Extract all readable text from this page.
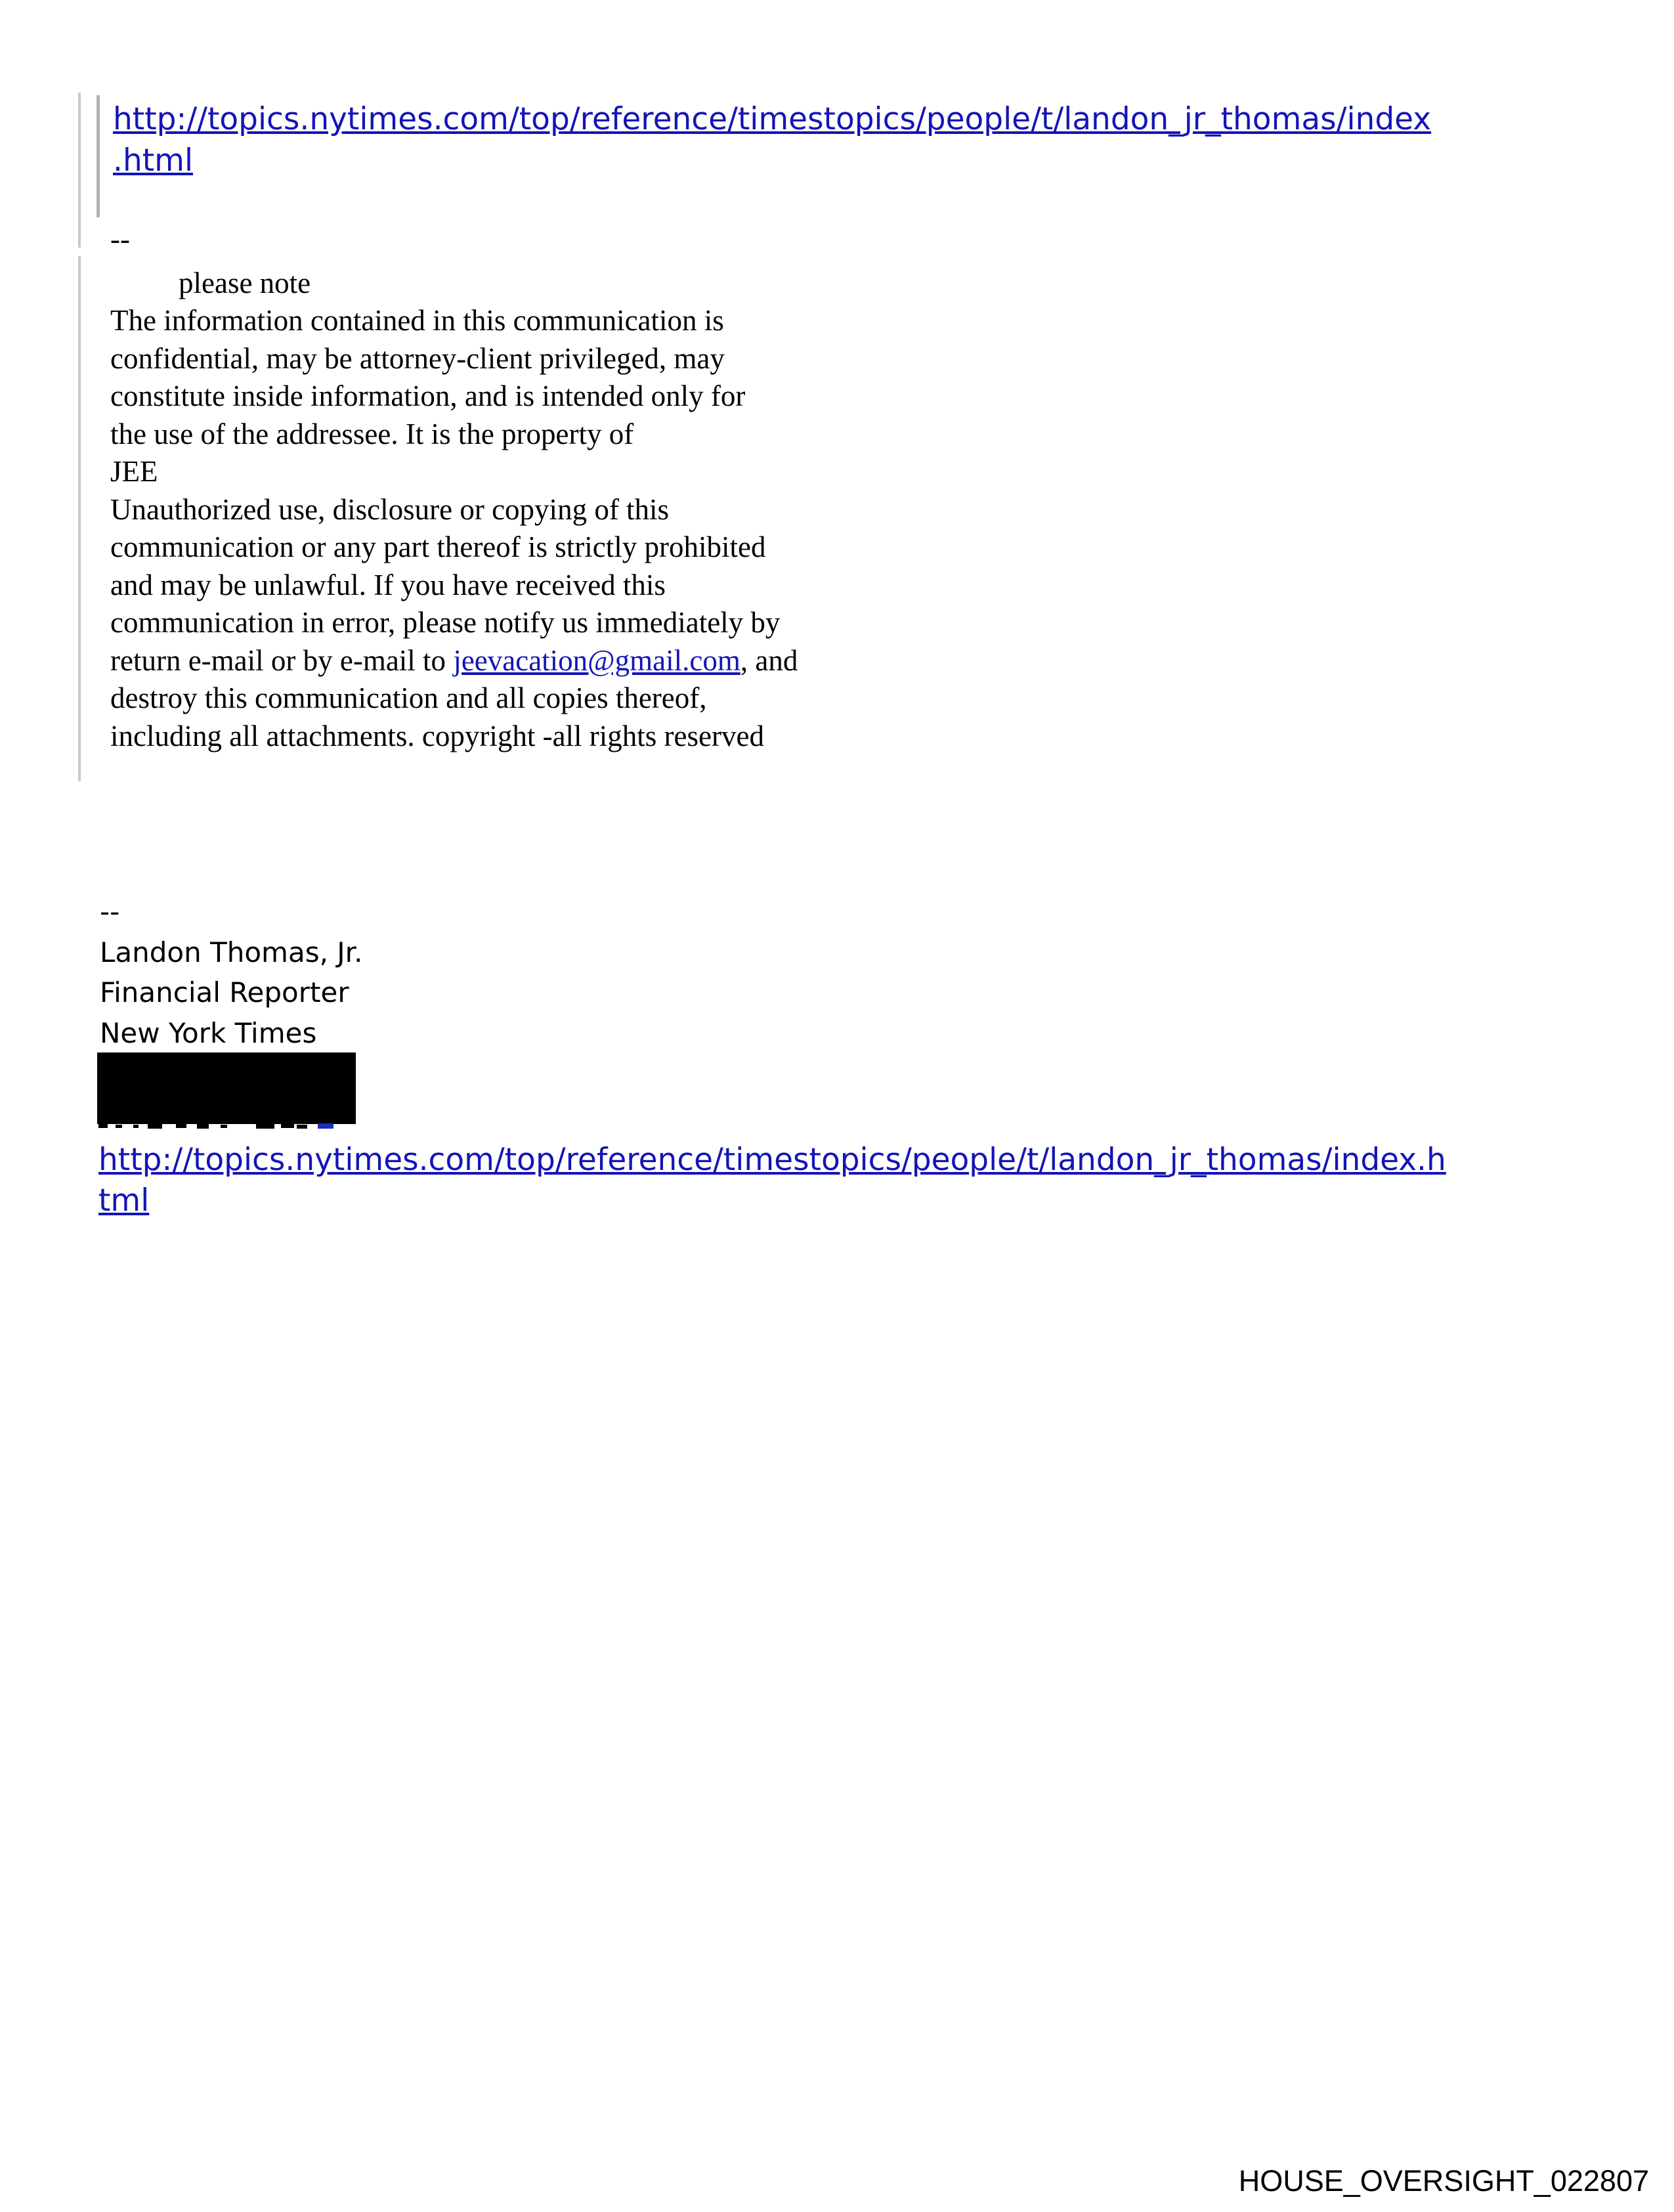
http://topics.nytimes.com/top/reference/timestopics/people/t/landon_jr_thomas/index
.html
--
please note
The information contained in this communication is
confidential, may be attorney-client privileged, may
constitute inside information, and is intended only for
the use of the addressee. It is the property of
JEE
Unauthorized use, disclosure or copying of this
communication or any part thereof is strictly prohibited
and may be unlawful. If you have received this
communication in error, please notify us immediately by
return e-mail or by e-mail to jeevacation@gmail.com, and
destroy this communication and all copies thereof,
including all attachments. copyright -all rights reserved
--
Landon Thomas, Jr.
Financial Reporter
New York Times
http://topics.nytimes.com/top/reference/timestopics/people/t/landon_jr_thomas/index.h
tml
HOUSE_OVERSIGHT_022807
